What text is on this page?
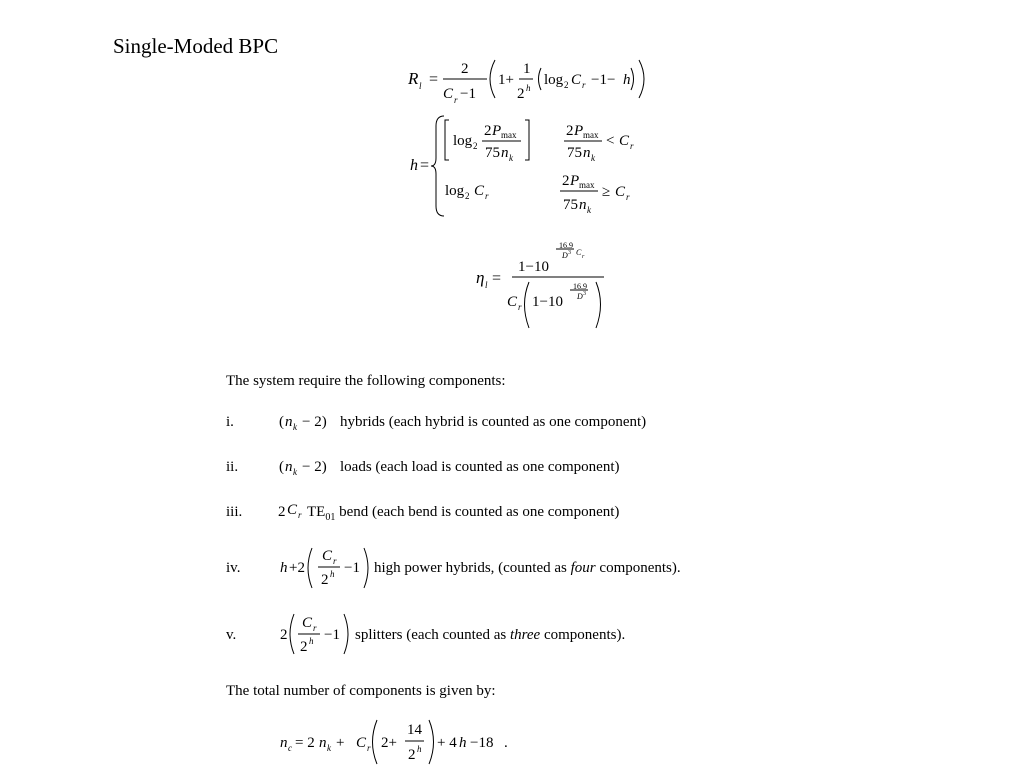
Single-Moded BPC
R l =
2
C r −1
1+
1
2 h log 2 C r −1− h
h =
log 2
2 P max
75 n k
2 P max
75 n k
< C r
log 2 C r
2 P max
75 n k
≥ C r
η l =
1−10
16.9
D 3 C r
C r 1−10
16.9
D 3
The system require the following components:
i.	( n k − 2) hybrids (each hybrid is counted as one component)
ii.	( n k − 2) loads (each load is counted as one component)
iii. 2 C r $TE_{01}$ bend (each bend is counted as one component)
iv.	h +2
C r
2 h −1 high power hybrids, (counted as four components).
v.	2
C r
2 h −1 splitters (each counted as three components).
The total number of components is given by:
n c = 2 n k + C r 2+
14
2 h + 4 h −18 .
